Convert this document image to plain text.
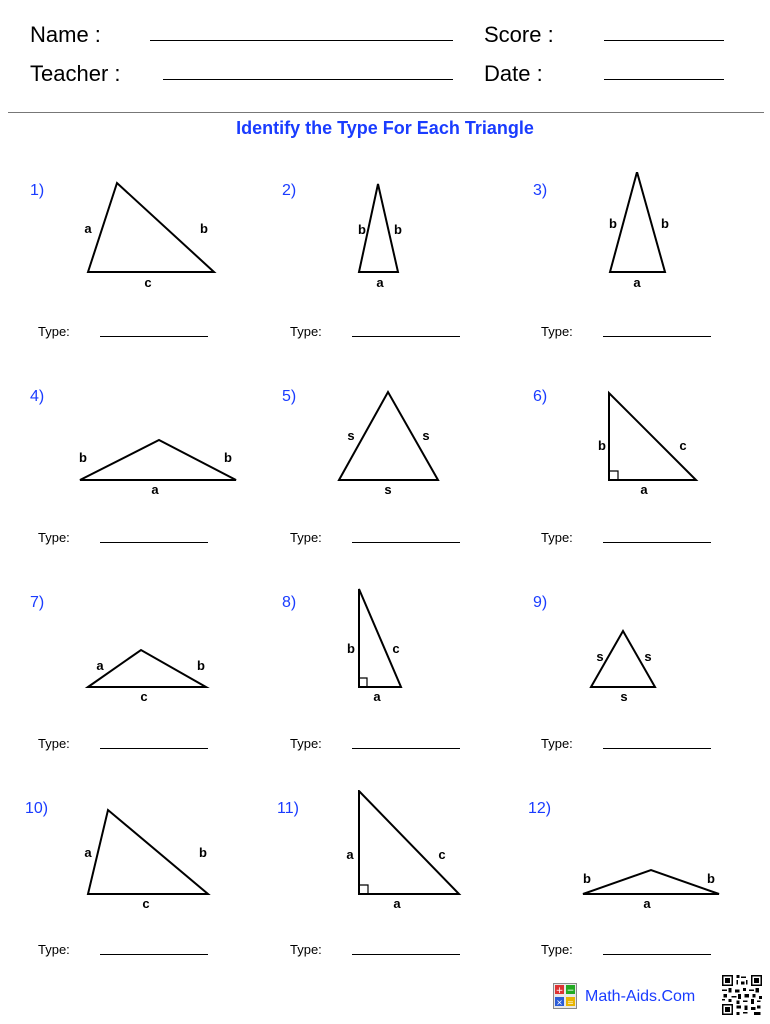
Name :
Teacher :
Score :
Date :
Identify the Type For Each Triangle
1)
a	b
c
Type:
2)
b b
a
Type:
3)
b	b
a
Type:
4)
b	b
a
Type:
5)
s	s
s
Type:
6)
b	c
a
Type:
7)
a	b
c
Type:
8)
b	c
a
Type:
9)
s	s
s
Type:
10)
a	b
c
Type:
11)
a	c
a
Type:
12)
b	b
a
Type:
+ −
× = Math-Aids.Com
